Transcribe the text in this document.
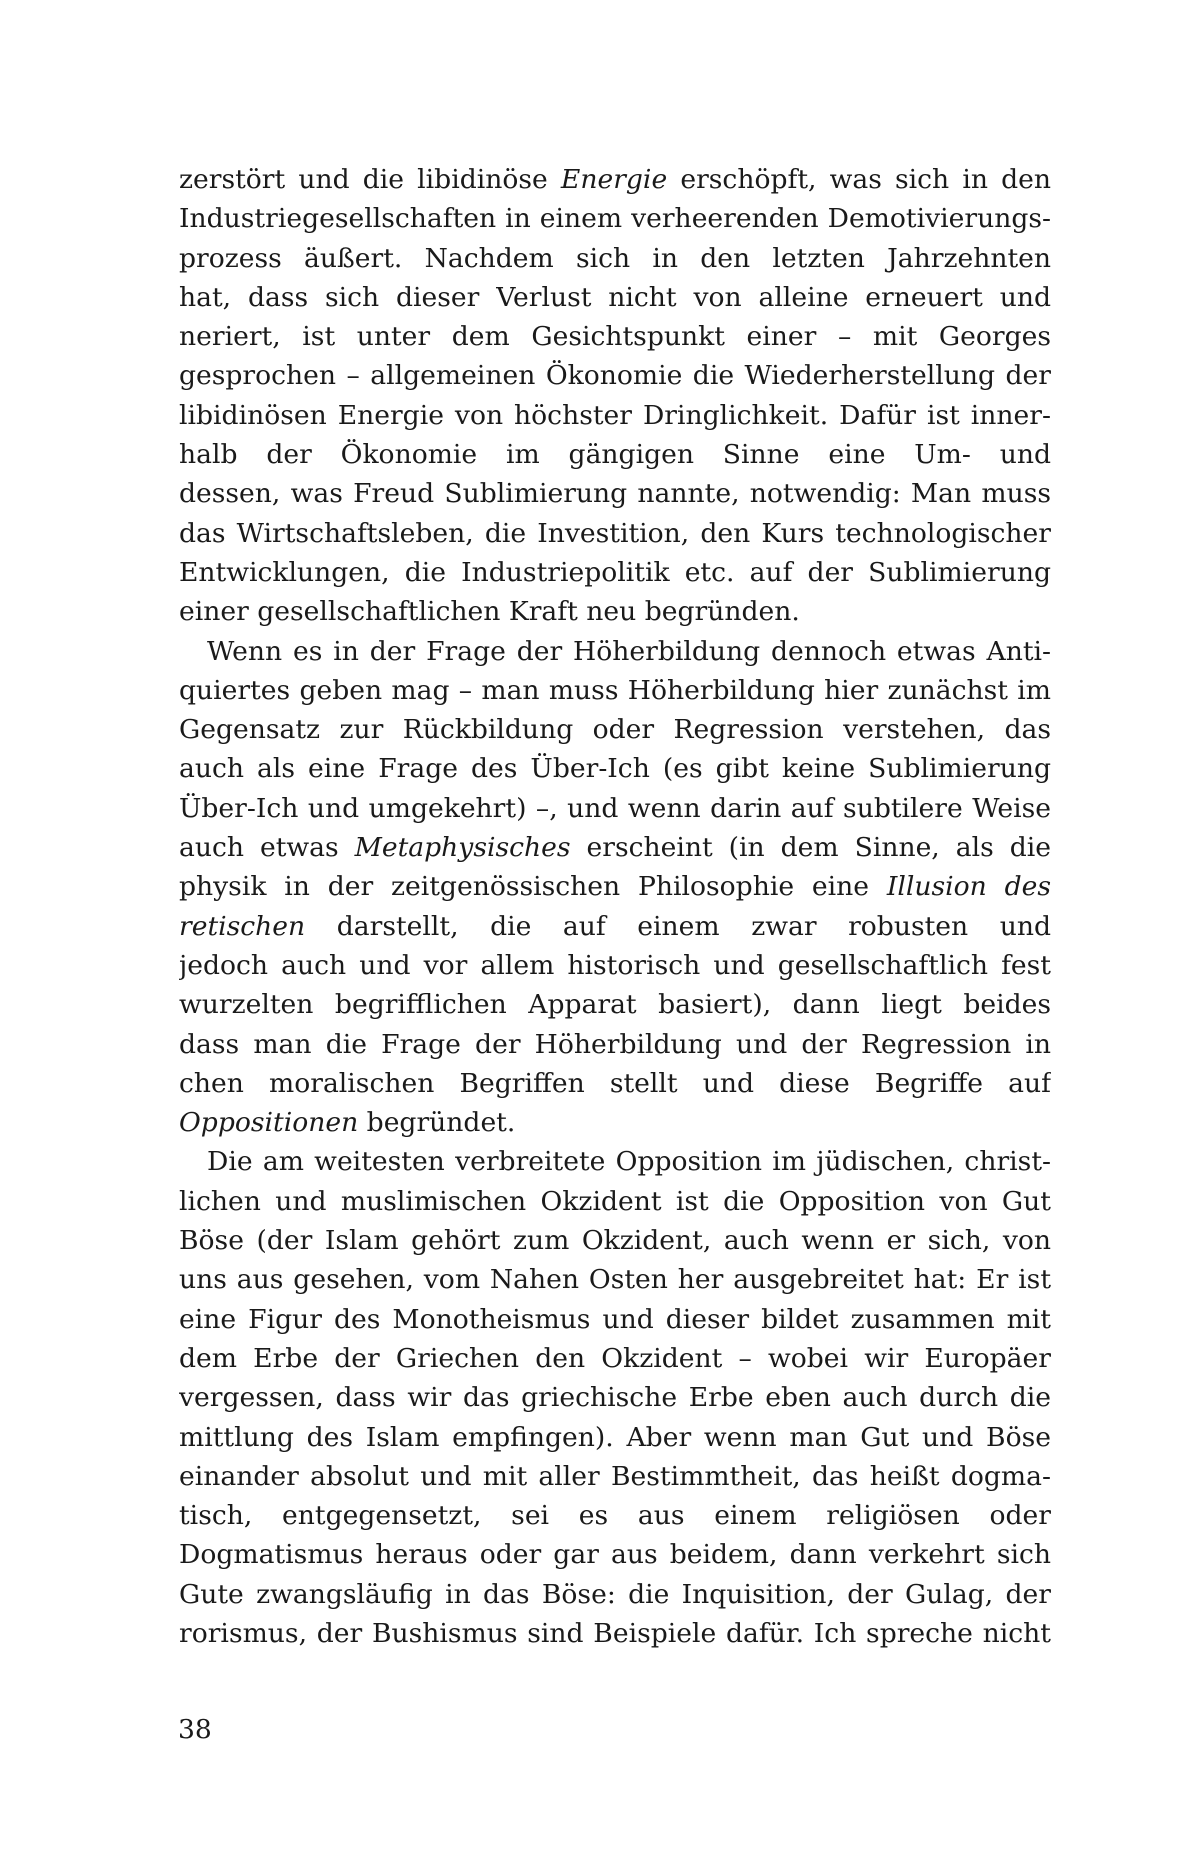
zerstört und die libidinöse Energie erschöpft, was sich in den
Industriegesellschaften in einem verheerenden Demotivierungs-
prozess äußert. Nachdem sich in den letzten Jahrzehnten
hat, dass sich dieser Verlust nicht von alleine erneuert und
neriert, ist unter dem Gesichtspunkt einer – mit Georges
gesprochen – allgemeinen Ökonomie die Wiederherstellung der
libidinösen Energie von höchster Dringlichkeit. Dafür ist inner-
halb der Ökonomie im gängigen Sinne eine Um- und
dessen, was Freud Sublimierung nannte, notwendig: Man muss
das Wirtschaftsleben, die Investition, den Kurs technologischer
Entwicklungen, die Industriepolitik etc. auf der Sublimierung
einer gesellschaftlichen Kraft neu begründen.
Wenn es in der Frage der Höherbildung dennoch etwas Anti-
quiertes geben mag – man muss Höherbildung hier zunächst im
Gegensatz zur Rückbildung oder Regression verstehen, das
auch als eine Frage des Über-Ich (es gibt keine Sublimierung
Über-Ich und umgekehrt) –, und wenn darin auf subtilere Weise
auch etwas Metaphysisches erscheint (in dem Sinne, als die
physik in der zeitgenössischen Philosophie eine Illusion des
retischen darstellt, die auf einem zwar robusten und
jedoch auch und vor allem historisch und gesellschaftlich fest
wurzelten begrifflichen Apparat basiert), dann liegt beides
dass man die Frage der Höherbildung und der Regression in
chen moralischen Begriffen stellt und diese Begriffe auf
Oppositionen begründet.
Die am weitesten verbreitete Opposition im jüdischen, christ-
lichen und muslimischen Okzident ist die Opposition von Gut
Böse (der Islam gehört zum Okzident, auch wenn er sich, von
uns aus gesehen, vom Nahen Osten her ausgebreitet hat: Er ist
eine Figur des Monotheismus und dieser bildet zusammen mit
dem Erbe der Griechen den Okzident – wobei wir Europäer
vergessen, dass wir das griechische Erbe eben auch durch die
mittlung des Islam empfingen). Aber wenn man Gut und Böse
einander absolut und mit aller Bestimmtheit, das heißt dogma-
tisch, entgegensetzt, sei es aus einem religiösen oder
Dogmatismus heraus oder gar aus beidem, dann verkehrt sich
Gute zwangsläufig in das Böse: die Inquisition, der Gulag, der
rorismus, der Bushismus sind Beispiele dafür. Ich spreche nicht
38
